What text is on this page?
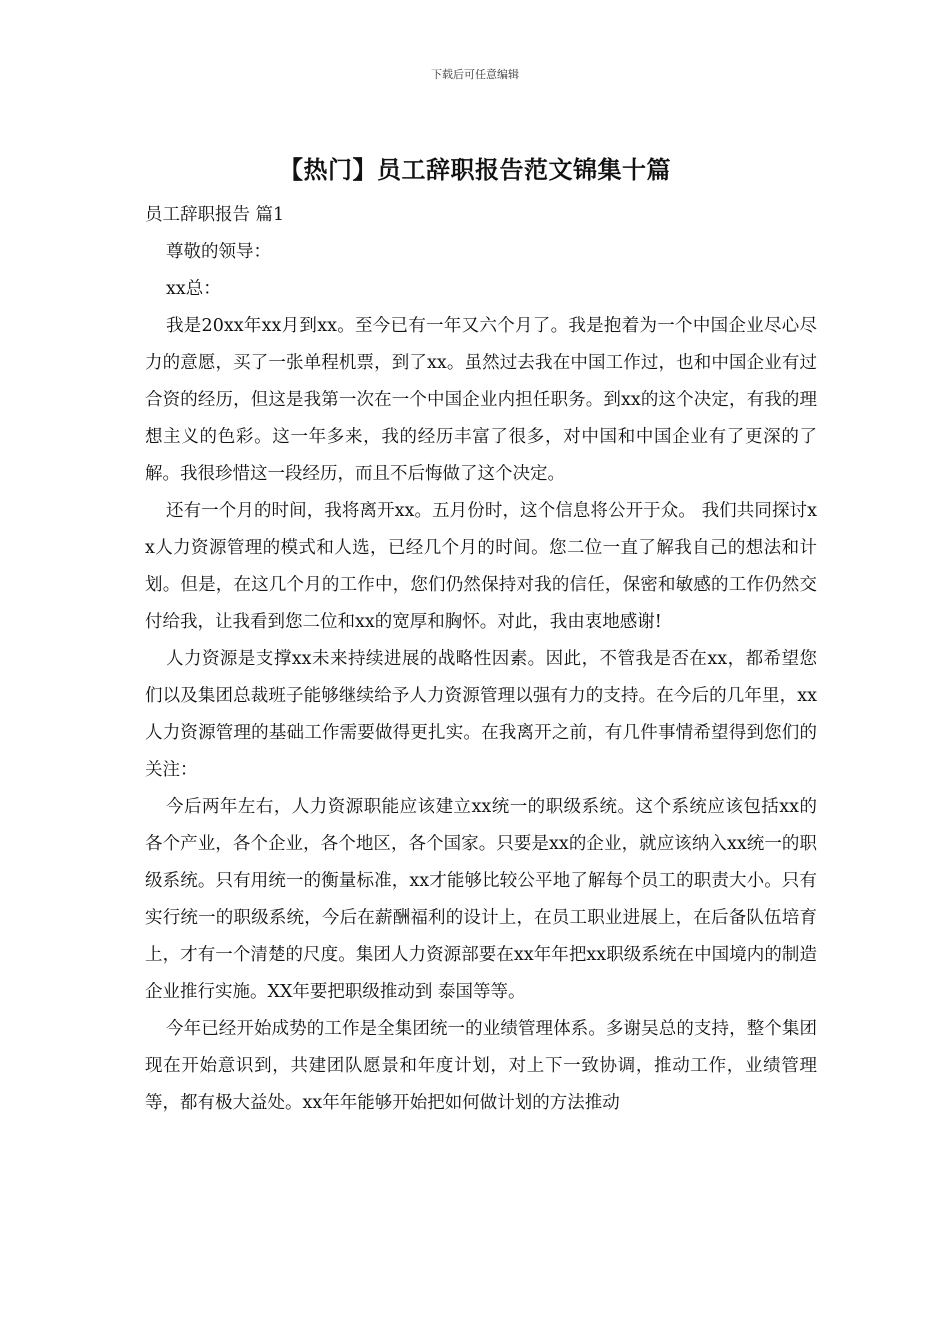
下载后可任意编辑
【热门】员工辞职报告范文锦集十篇

员工辞职报告 篇1

尊敬的领导：

xx总：

我是20xx年xx月到xx。至今已有一年又六个月了。我是抱着为一个中国企业尽心尽力的意愿，买了一张单程机票，到了xx。虽然过去我在中国工作过，也和中国企业有过合资的经历，但这是我第一次在一个中国企业内担任职务。到xx的这个决定，有我的理想主义的色彩。这一年多来，我的经历丰富了很多，对中国和中国企业有了更深的了解。我很珍惜这一段经历，而且不后悔做了这个决定。

还有一个月的时间，我将离开xx。五月份时，这个信息将公开于众。 我们共同探讨xx人力资源管理的模式和人选，已经几个月的时间。您二位一直了解我自己的想法和计划。但是，在这几个月的工作中，您们仍然保持对我的信任，保密和敏感的工作仍然交付给我，让我看到您二位和xx的宽厚和胸怀。对此，我由衷地感谢!

人力资源是支撑xx未来持续进展的战略性因素。因此，不管我是否在xx，都希望您们以及集团总裁班子能够继续给予人力资源管理以强有力的支持。在今后的几年里，xx人力资源管理的基础工作需要做得更扎实。在我离开之前，有几件事情希望得到您们的关注：

今后两年左右，人力资源职能应该建立xx统一的职级系统。这个系统应该包括xx的各个产业，各个企业，各个地区，各个国家。只要是xx的企业，就应该纳入xx统一的职级系统。只有用统一的衡量标准，xx才能够比较公平地了解每个员工的职责大小。只有实行统一的职级系统，今后在薪酬福利的设计上，在员工职业进展上，在后备队伍培育上，才有一个清楚的尺度。集团人力资源部要在xx年年把xx职级系统在中国境内的制造企业推行实施。XX年要把职级推动到 泰国等等。

今年已经开始成势的工作是全集团统一的业绩管理体系。多谢吴总的支持，整个集团现在开始意识到，共建团队愿景和年度计划，对上下一致协调，推动工作，业绩管理等，都有极大益处。xx年年能够开始把如何做计划的方法推动
